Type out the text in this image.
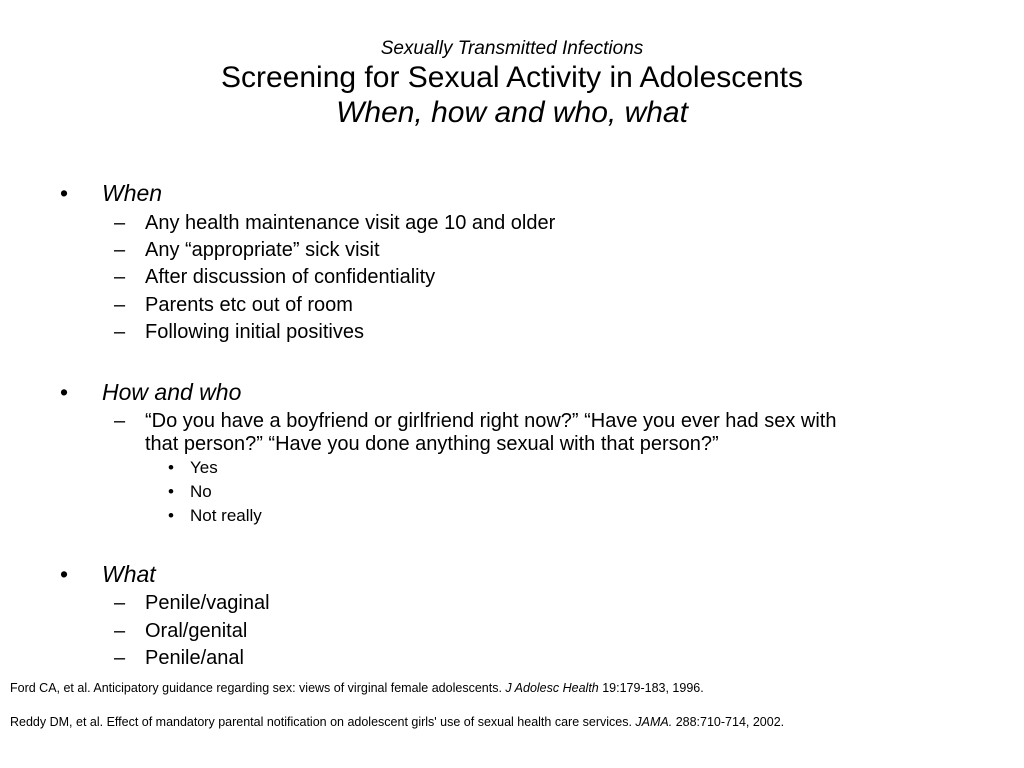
Sexually Transmitted Infections
Screening for Sexual Activity in Adolescents
When, how and who, what
• When
– Any health maintenance visit age 10 and older
– Any “appropriate” sick visit
– After discussion of confidentiality
– Parents etc out of room
– Following initial positives
• How and who
– “Do you have a boyfriend or girlfriend right now?” “Have you ever had sex with
that person?” “Have you done anything sexual with that person?”
• Yes
• No
• Not really
• What
– Penile/vaginal
– Oral/genital
– Penile/anal
Ford CA, et al. Anticipatory guidance regarding sex: views of virginal female adolescents. J Adolesc Health 19:179-183, 1996.
Reddy DM, et al. Effect of mandatory parental notification on adolescent girls' use of sexual health care services. JAMA. 288:710-714, 2002.
